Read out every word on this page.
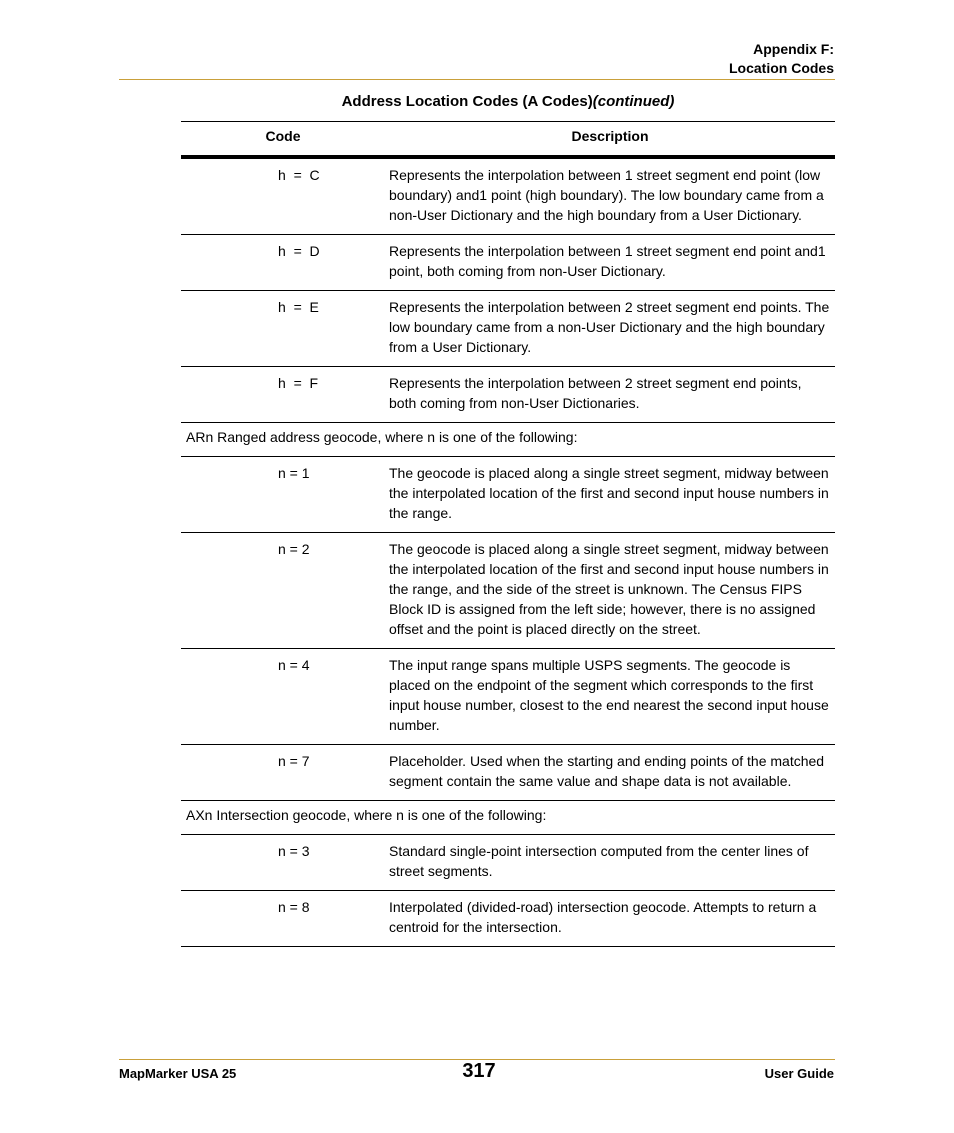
Appendix F:
Location Codes
Address Location Codes (A Codes)(continued)
Code	Description
h  =  C	Represents the interpolation between 1 street segment end point (low boundary) and1 point (high boundary). The low boundary came from a non-User Dictionary and the high boundary from a User Dictionary.
h  =  D	Represents the interpolation between 1 street segment end point and1 point, both coming from non-User Dictionary.
h  =  E	Represents the interpolation between 2 street segment end points. The low boundary came from a non-User Dictionary and the high boundary from a User Dictionary.
h  =  F	Represents the interpolation between 2 street segment end points, both coming from non-User Dictionaries.
ARn Ranged address geocode, where n is one of the following:
n = 1	The geocode is placed along a single street segment, midway between the interpolated location of the first and second input house numbers in the range.
n = 2	The geocode is placed along a single street segment, midway between the interpolated location of the first and second input house numbers in the range, and the side of the street is unknown. The Census FIPS Block ID is assigned from the left side; however, there is no assigned offset and the point is placed directly on the street.
n = 4	The input range spans multiple USPS segments. The geocode is placed on the endpoint of the segment which corresponds to the first input house number, closest to the end nearest the second input house number.
n = 7	Placeholder. Used when the starting and ending points of the matched segment contain the same value and shape data is not available.
AXn Intersection geocode, where n is one of the following:
n = 3	Standard single-point intersection computed from the center lines of street segments.
n = 8	Interpolated (divided-road) intersection geocode. Attempts to return a centroid for the intersection.
MapMarker USA 25	317	User Guide
